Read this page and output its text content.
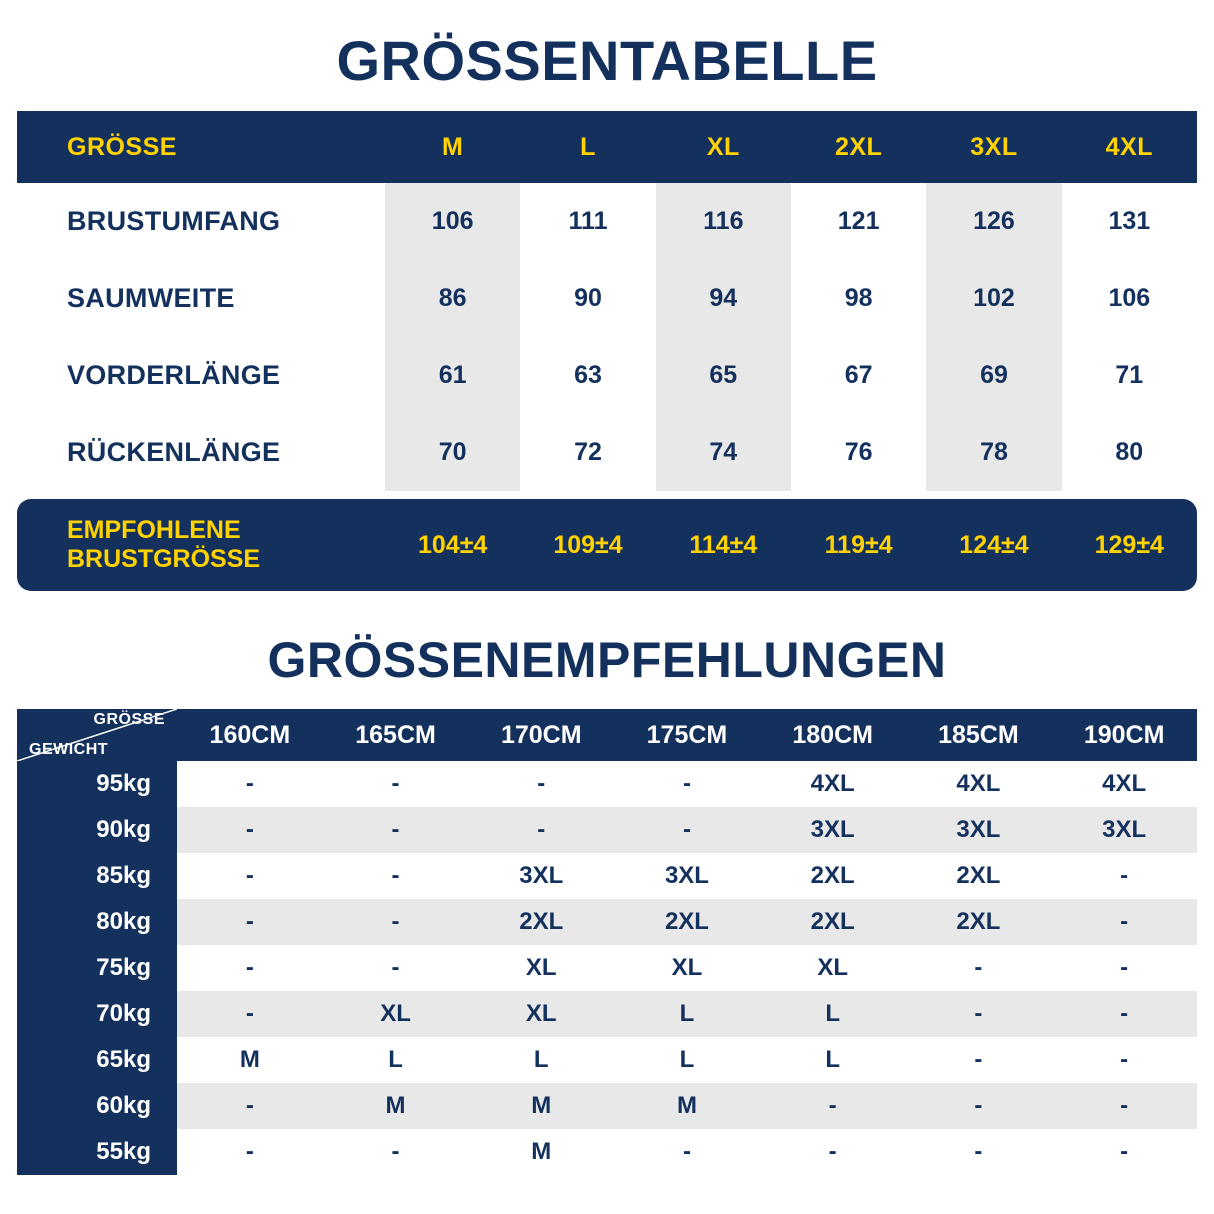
GRÖSSENTABELLE
GRÖSSE	M	L	XL	2XL	3XL	4XL
BRUSTUMFANG	106	111	116	121	126	131
SAUMWEITE	86	90	94	98	102	106
VORDERLÄNGE	61	63	65	67	69	71
RÜCKENLÄNGE	70	72	74	76	78	80
EMPFOHLENE
BRUSTGRÖSSE
104±4	109±4	114±4	119±4	124±4	129±4
GRÖSSENEMPFEHLUNGEN
GRÖSSE
GEWICHT	160CM	165CM	170CM	175CM	180CM	185CM	190CM
95kg	-	-	-	-	4XL	4XL	4XL
90kg	-	-	-	-	3XL	3XL	3XL
85kg	-	-	3XL	3XL	2XL	2XL	-
80kg	-	-	2XL	2XL	2XL	2XL	-
75kg	-	-	XL	XL	XL	-	-
70kg	-	XL	XL	L	L	-	-
65kg	M	L	L	L	L	-	-
60kg	-	M	M	M	-	-	-
55kg	-	-	M	-	-	-	-
